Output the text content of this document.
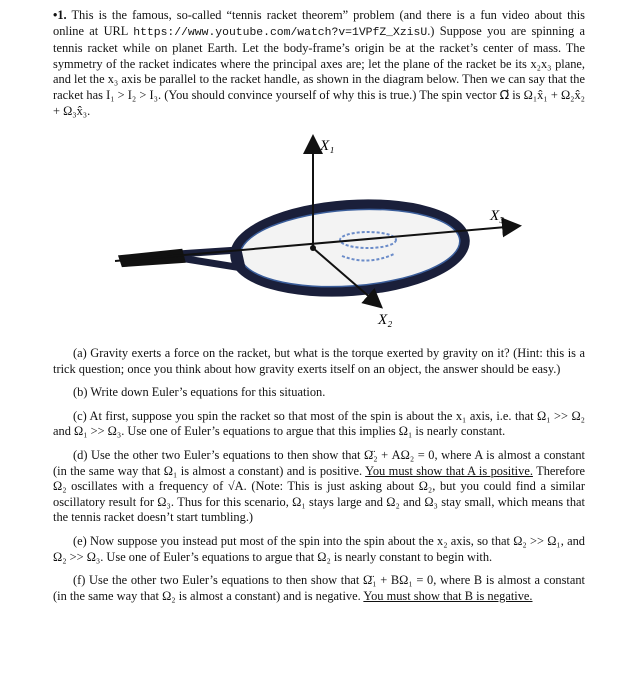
•1. This is the famous, so-called “tennis racket theorem” problem (and there is a fun video about this online at URL https://www.youtube.com/watch?v=1VPfZ_XzisU.) Suppose you are spinning a tennis racket while on planet Earth. Let the body-frame’s origin be at the racket’s center of mass. The symmetry of the racket indicates where the principal axes are; let the plane of the racket be its x₂x₃ plane, and let the x₃ axis be parallel to the racket handle, as shown in the diagram below. Then we can say that the racket has I₁ > I₂ > I₃. (You should convince yourself of why this is true.) The spin vector Ω⃗ is Ω₁x̂₁ + Ω₂x̂₂ + Ω₃x̂₃.
X₁
X₃
X₂

(a) Gravity exerts a force on the racket, but what is the torque exerted by gravity on it? (Hint: this is a trick question; once you think about how gravity exerts itself on an object, the answer should be easy.)

(b) Write down Euler’s equations for this situation.

(c) At first, suppose you spin the racket so that most of the spin is about the x₁ axis, i.e. that Ω₁ >> Ω₂ and Ω₁ >> Ω₃. Use one of Euler’s equations to argue that this implies Ω₁ is nearly constant.

(d) Use the other two Euler’s equations to then show that Ω̈₂ + AΩ₂ = 0, where A is almost a constant (in the same way that Ω₁ is almost a constant) and is positive. You must show that A is positive. Therefore Ω₂ oscillates with a frequency of √A. (Note: This is just asking about Ω₂, but you could find a similar oscillatory result for Ω₃. Thus for this scenario, Ω₁ stays large and Ω₂ and Ω₃ stay small, which means that the tennis racket doesn’t start tumbling.)

(e) Now suppose you instead put most of the spin into the spin about the x₂ axis, so that Ω₂ >> Ω₁, and Ω₂ >> Ω₃. Use one of Euler’s equations to argue that Ω₂ is nearly constant to begin with.

(f) Use the other two Euler’s equations to then show that Ω̈₁ + BΩ₁ = 0, where B is almost a constant (in the same way that Ω₂ is almost a constant) and is negative. You must show that B is negative.
